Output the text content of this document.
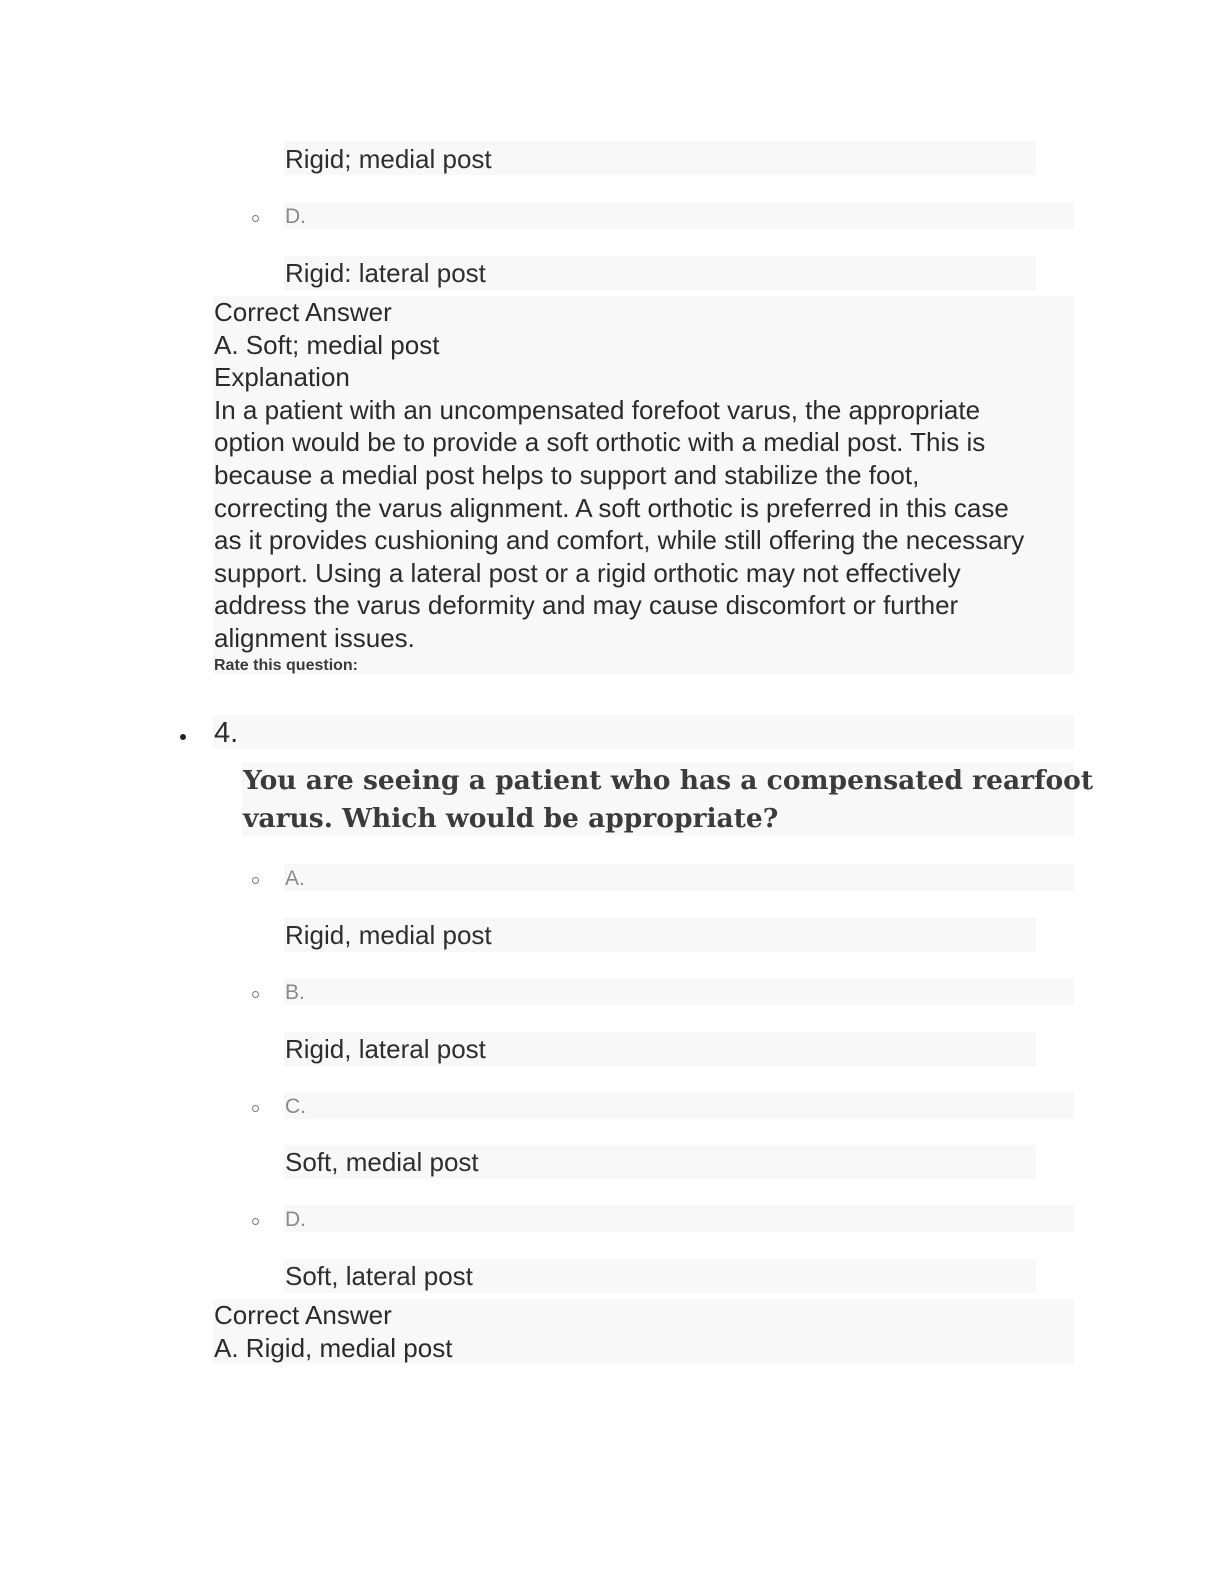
Rigid; medial post
D.
Rigid: lateral post
Correct Answer
A. Soft; medial post
Explanation
In a patient with an uncompensated forefoot varus, the appropriate
option would be to provide a soft orthotic with a medial post. This is
because a medial post helps to support and stabilize the foot,
correcting the varus alignment. A soft orthotic is preferred in this case
as it provides cushioning and comfort, while still offering the necessary
support. Using a lateral post or a rigid orthotic may not effectively
address the varus deformity and may cause discomfort or further
alignment issues.
Rate this question:
4.
You are seeing a patient who has a compensated rearfoot
varus. Which would be appropriate?
A.
Rigid, medial post
B.
Rigid, lateral post
C.
Soft, medial post
D.
Soft, lateral post
Correct Answer
A. Rigid, medial post
